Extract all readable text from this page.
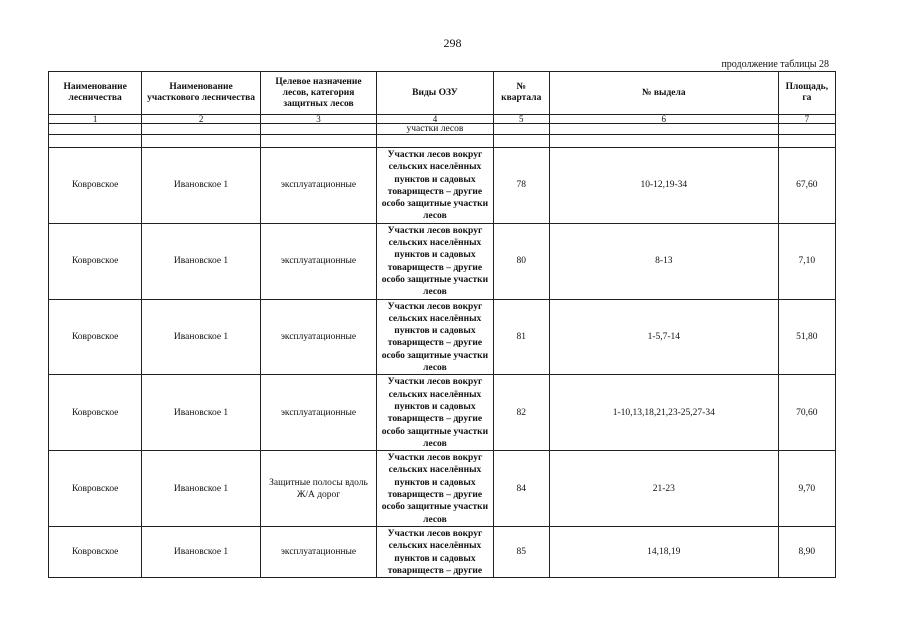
298
продолжение таблицы 28
Наименование лесничества	Наименование участкового лесничества	Целевое назначение лесов, категория защитных лесов	Виды ОЗУ	№ квартала	№ выдела	Площадь, га
1	2	3	4	5	6	7
			участки лесов			

Ковровское	Ивановское 1	эксплуатационные	Участки лесов вокруг сельских населённых пунктов и садовых товариществ – другие особо защитные участки лесов	78	10-12,19-34	67,60
Ковровское	Ивановское 1	эксплуатационные	Участки лесов вокруг сельских населённых пунктов и садовых товариществ – другие особо защитные участки лесов	80	8-13	7,10
Ковровское	Ивановское 1	эксплуатационные	Участки лесов вокруг сельских населённых пунктов и садовых товариществ – другие особо защитные участки лесов	81	1-5,7-14	51,80
Ковровское	Ивановское 1	эксплуатационные	Участки лесов вокруг сельских населённых пунктов и садовых товариществ – другие особо защитные участки лесов	82	1-10,13,18,21,23-25,27-34	70,60
Ковровское	Ивановское 1	Защитные полосы вдоль Ж/А дорог	Участки лесов вокруг сельских населённых пунктов и садовых товариществ – другие особо защитные участки лесов	84	21-23	9,70
Ковровское	Ивановское 1	эксплуатационные	Участки лесов вокруг сельских населённых пунктов и садовых товариществ – другие	85	14,18,19	8,90
